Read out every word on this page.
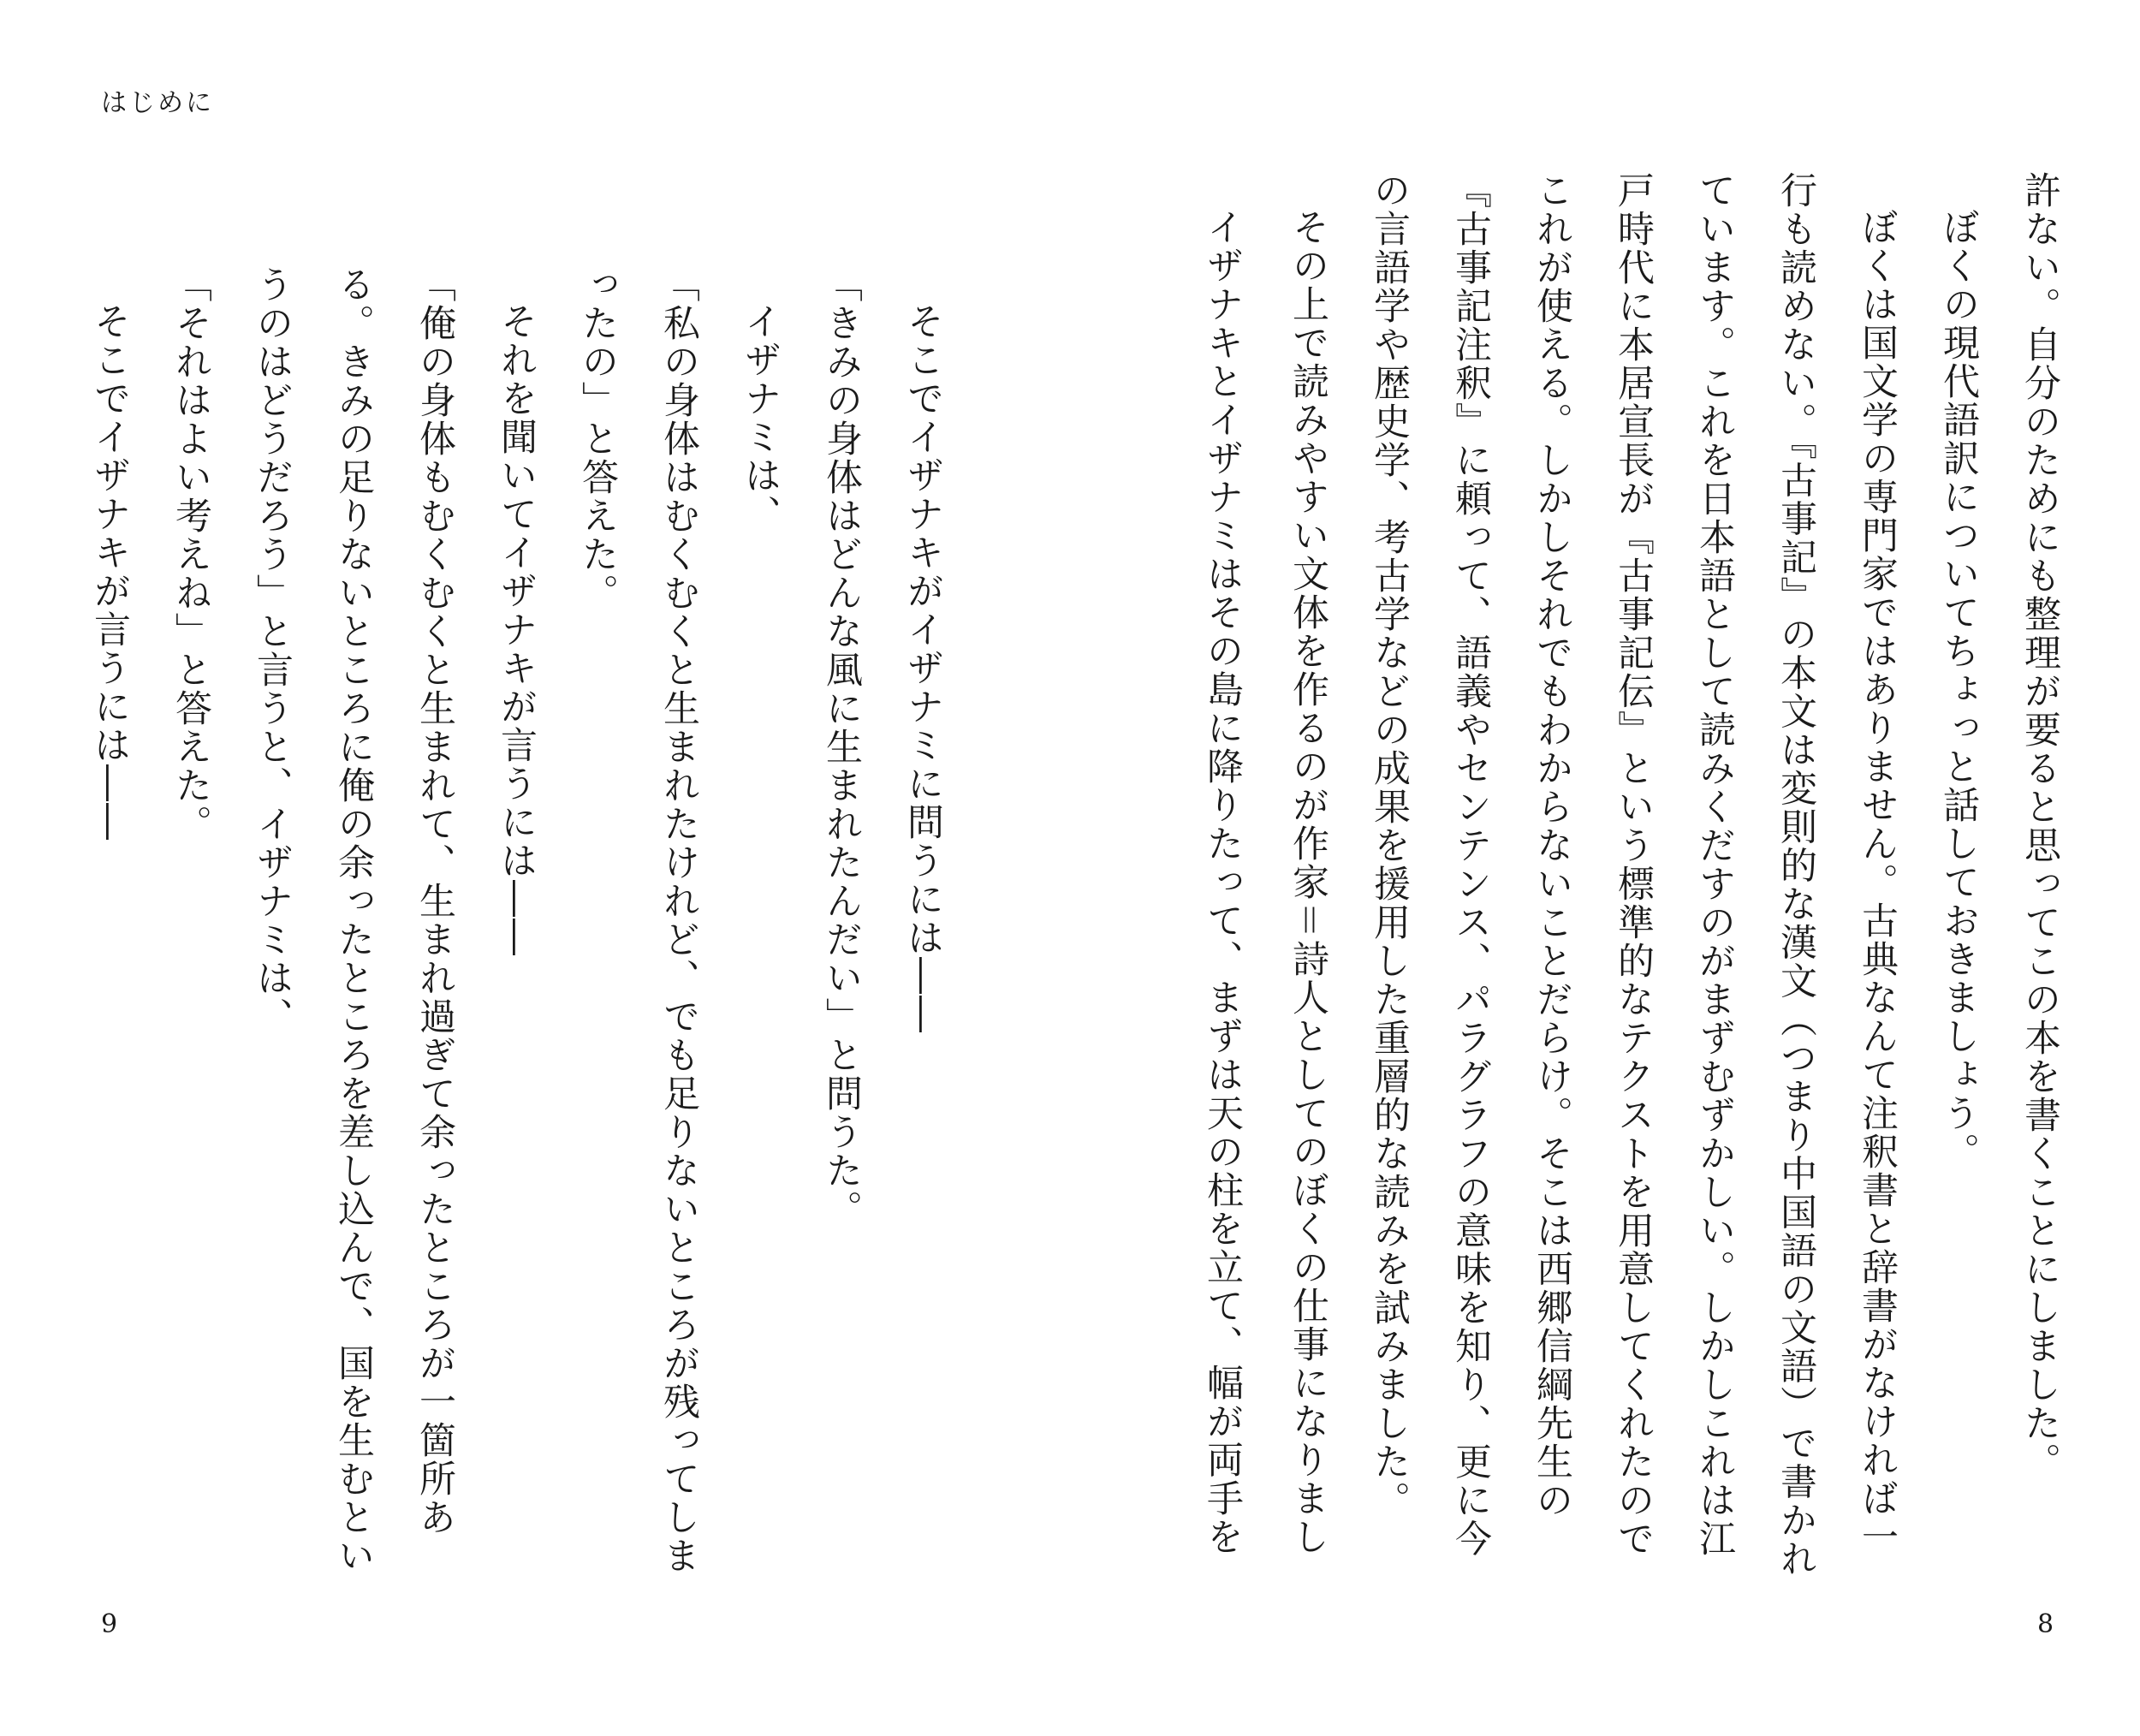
はじめに

許ない。自分のためにも整理が要ると思ってこの本を書くことにしました。

ぼくの現代語訳についてちょっと話しておきましょう。

ぼくは国文学の専門家ではありません。古典なんて注釈書と辞書がなければ一行も読めない。『古事記』の本文は変則的な漢文（つまり中国語の文語）で書かれています。これを日本語として読みくだすのがまずむずかしい。しかしこれは江戸時代に本居宣長が『古事記伝』という標準的なテクストを用意してくれたのでこれが使える。しかしそれでもわからないことだらけ。そこは西郷信綱先生の『古事記注釈』に頼って、語義やセンテンス、パラグラフの意味を知り、更に今の言語学や歴史学、考古学などの成果を援用した重層的な読みを試みました。

その上で読みやすい文体を作るのが作家＝詩人としてのぼくの仕事になりまし

イザナキとイザナミはその島に降りたって、まずは天の柱を立て、幅が両手を

そこでイザナキがイザナミに問うには――

「きみの身体はどんな風に生まれたんだい」と問うた。

イザナミは、

「私の身体はむくむくと生まれたけれど、でも足りないところが残ってしまったの」と答えた。

それを聞いてイザナキが言うには――

「俺の身体もむくむくと生まれて、生まれ過ぎて余ったところが一箇所ある。きみの足りないところに俺の余ったところを差し込んで、国を生むというのはどうだろう」と言うと、イザナミは、

「それはよい考えね」と答えた。

そこでイザナキが言うには――

9	8
